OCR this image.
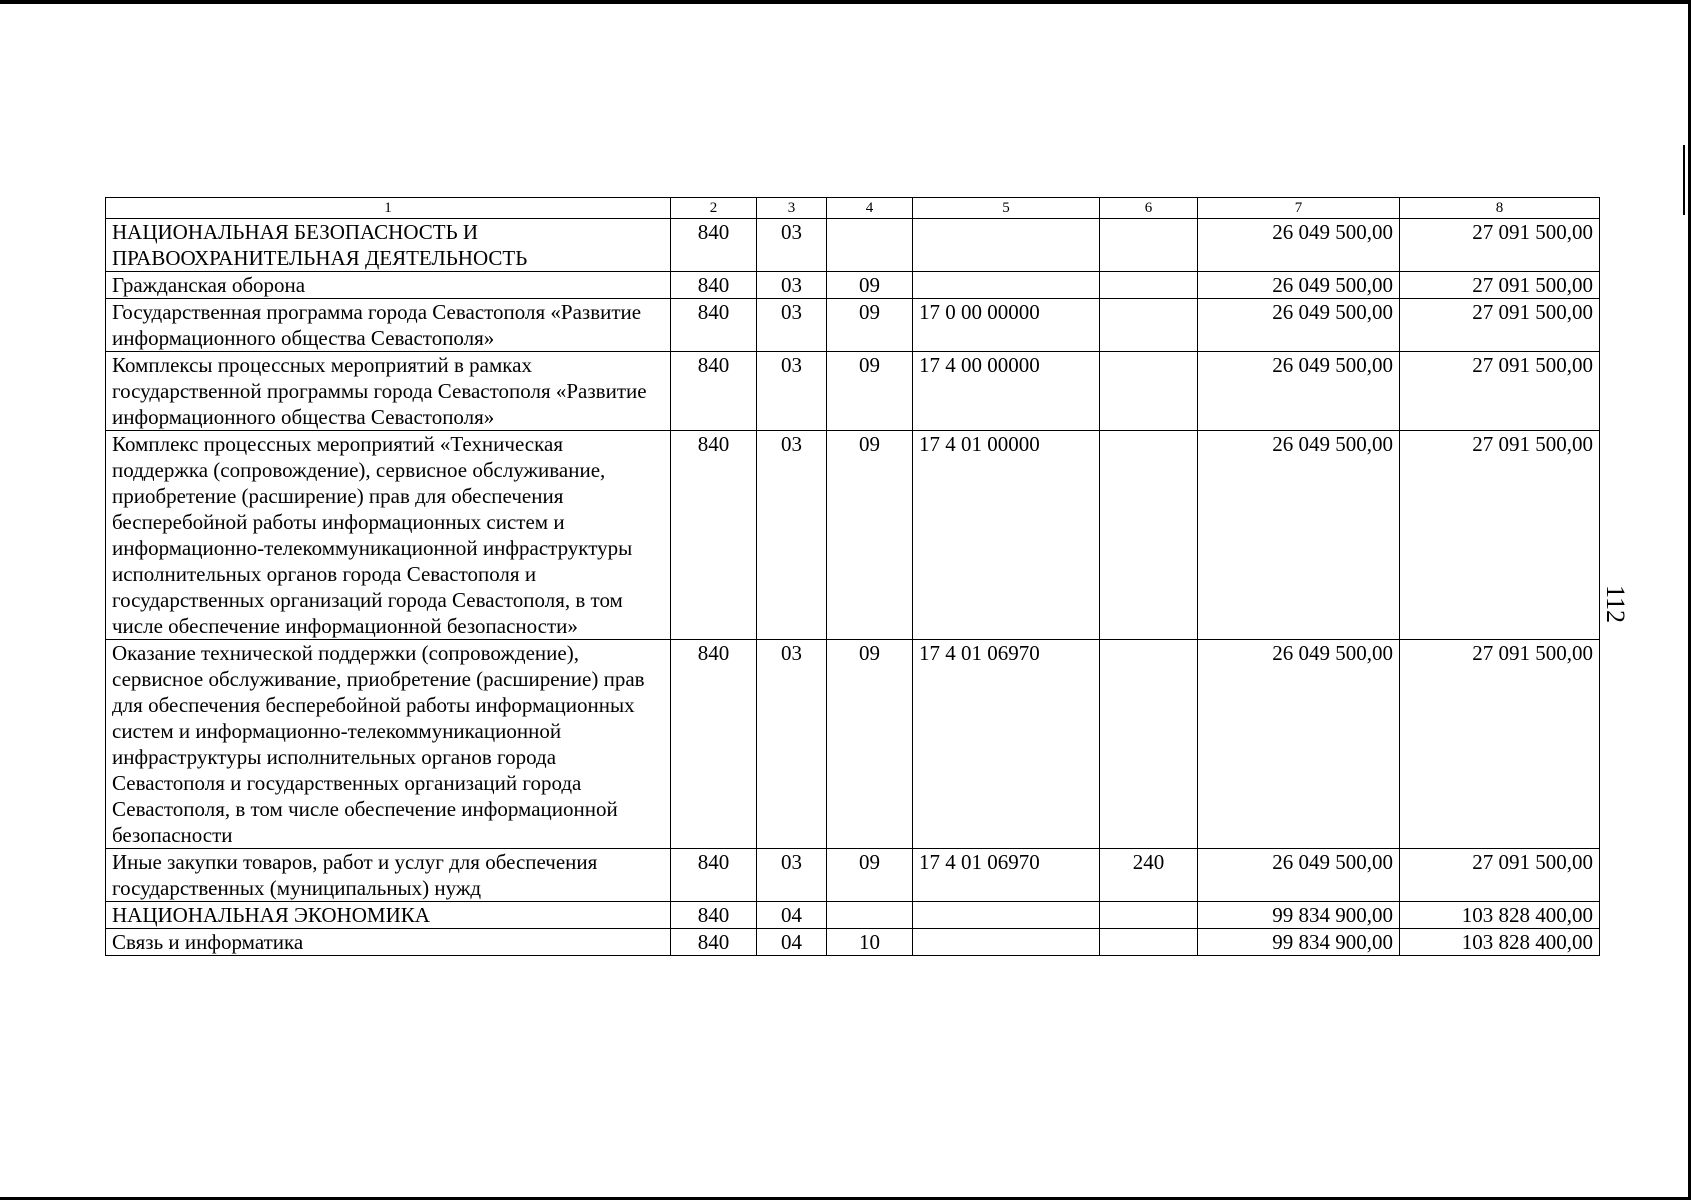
112
1	2	3	4	5	6	7	8
НАЦИОНАЛЬНАЯ БЕЗОПАСНОСТЬ И ПРАВООХРАНИТЕЛЬНАЯ ДЕЯТЕЛЬНОСТЬ	840	03				26 049 500,00	27 091 500,00
Гражданская оборона	840	03	09			26 049 500,00	27 091 500,00
Государственная программа города Севастополя «Развитие информационного общества Севастополя»	840	03	09	17 0 00 00000		26 049 500,00	27 091 500,00
Комплексы процессных мероприятий в рамках государственной программы города Севастополя «Развитие информационного общества Севастополя»	840	03	09	17 4 00 00000		26 049 500,00	27 091 500,00
Комплекс процессных мероприятий «Техническая поддержка (сопровождение), сервисное обслуживание, приобретение (расширение) прав для обеспечения бесперебойной работы информационных систем и информационно-телекоммуникационной инфраструктуры исполнительных органов города Севастополя и государственных организаций города Севастополя, в том числе обеспечение информационной безопасности»	840	03	09	17 4 01 00000		26 049 500,00	27 091 500,00
Оказание технической поддержки (сопровождение), сервисное обслуживание, приобретение (расширение) прав для обеспечения бесперебойной работы информационных систем и информационно-телекоммуникационной инфраструктуры исполнительных органов города Севастополя и государственных организаций города Севастополя, в том числе обеспечение информационной безопасности	840	03	09	17 4 01 06970		26 049 500,00	27 091 500,00
Иные закупки товаров, работ и услуг для обеспечения государственных (муниципальных) нужд	840	03	09	17 4 01 06970	240	26 049 500,00	27 091 500,00
НАЦИОНАЛЬНАЯ ЭКОНОМИКА	840	04				99 834 900,00	103 828 400,00
Связь и информатика	840	04	10			99 834 900,00	103 828 400,00
